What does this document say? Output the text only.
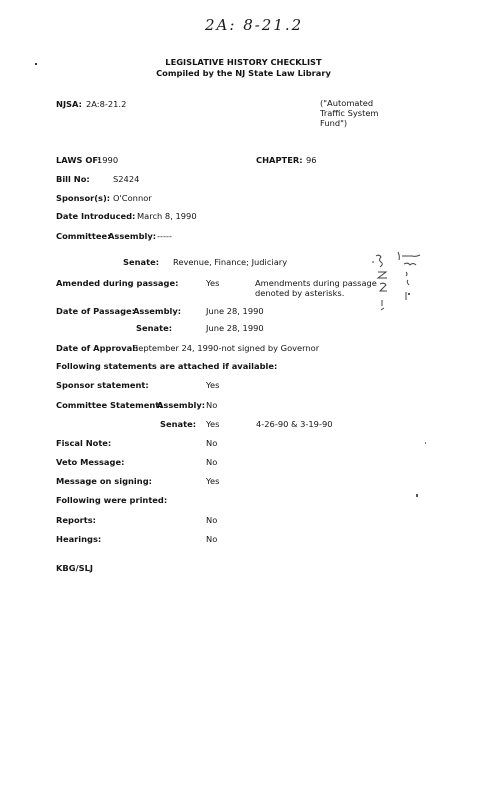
2A: 8-21.2
LEGISLATIVE HISTORY CHECKLIST
Compiled by the NJ State Law Library
NJSA: 2A:8-21.2	("Automated
Traffic System
Fund")
LAWS OF:
1990	CHAPTER: 96
Bill No:	S2424
Sponsor(s): O'Connor
Date Introduced: March 8, 1990
Committee:
Assembly: -----
Senate: Revenue, Finance; Judiciary
Amended during passage:	Yes	Amendments during passage
denoted by asterisks.
Date of Passage:
Assembly:	June 28, 1990
Senate:	June 28, 1990
Date of Approval:
September 24, 1990-not signed by Governor
Following statements are attached if available:
Sponsor statement:	Yes
Committee Statement:
Assembly: No
Senate: Yes	4-26-90 & 3-19-90
Fiscal Note:	No
Veto Message:	No
Message on signing:	Yes
Following were printed:
Reports:	No
Hearings:	No
KBG/SLJ
